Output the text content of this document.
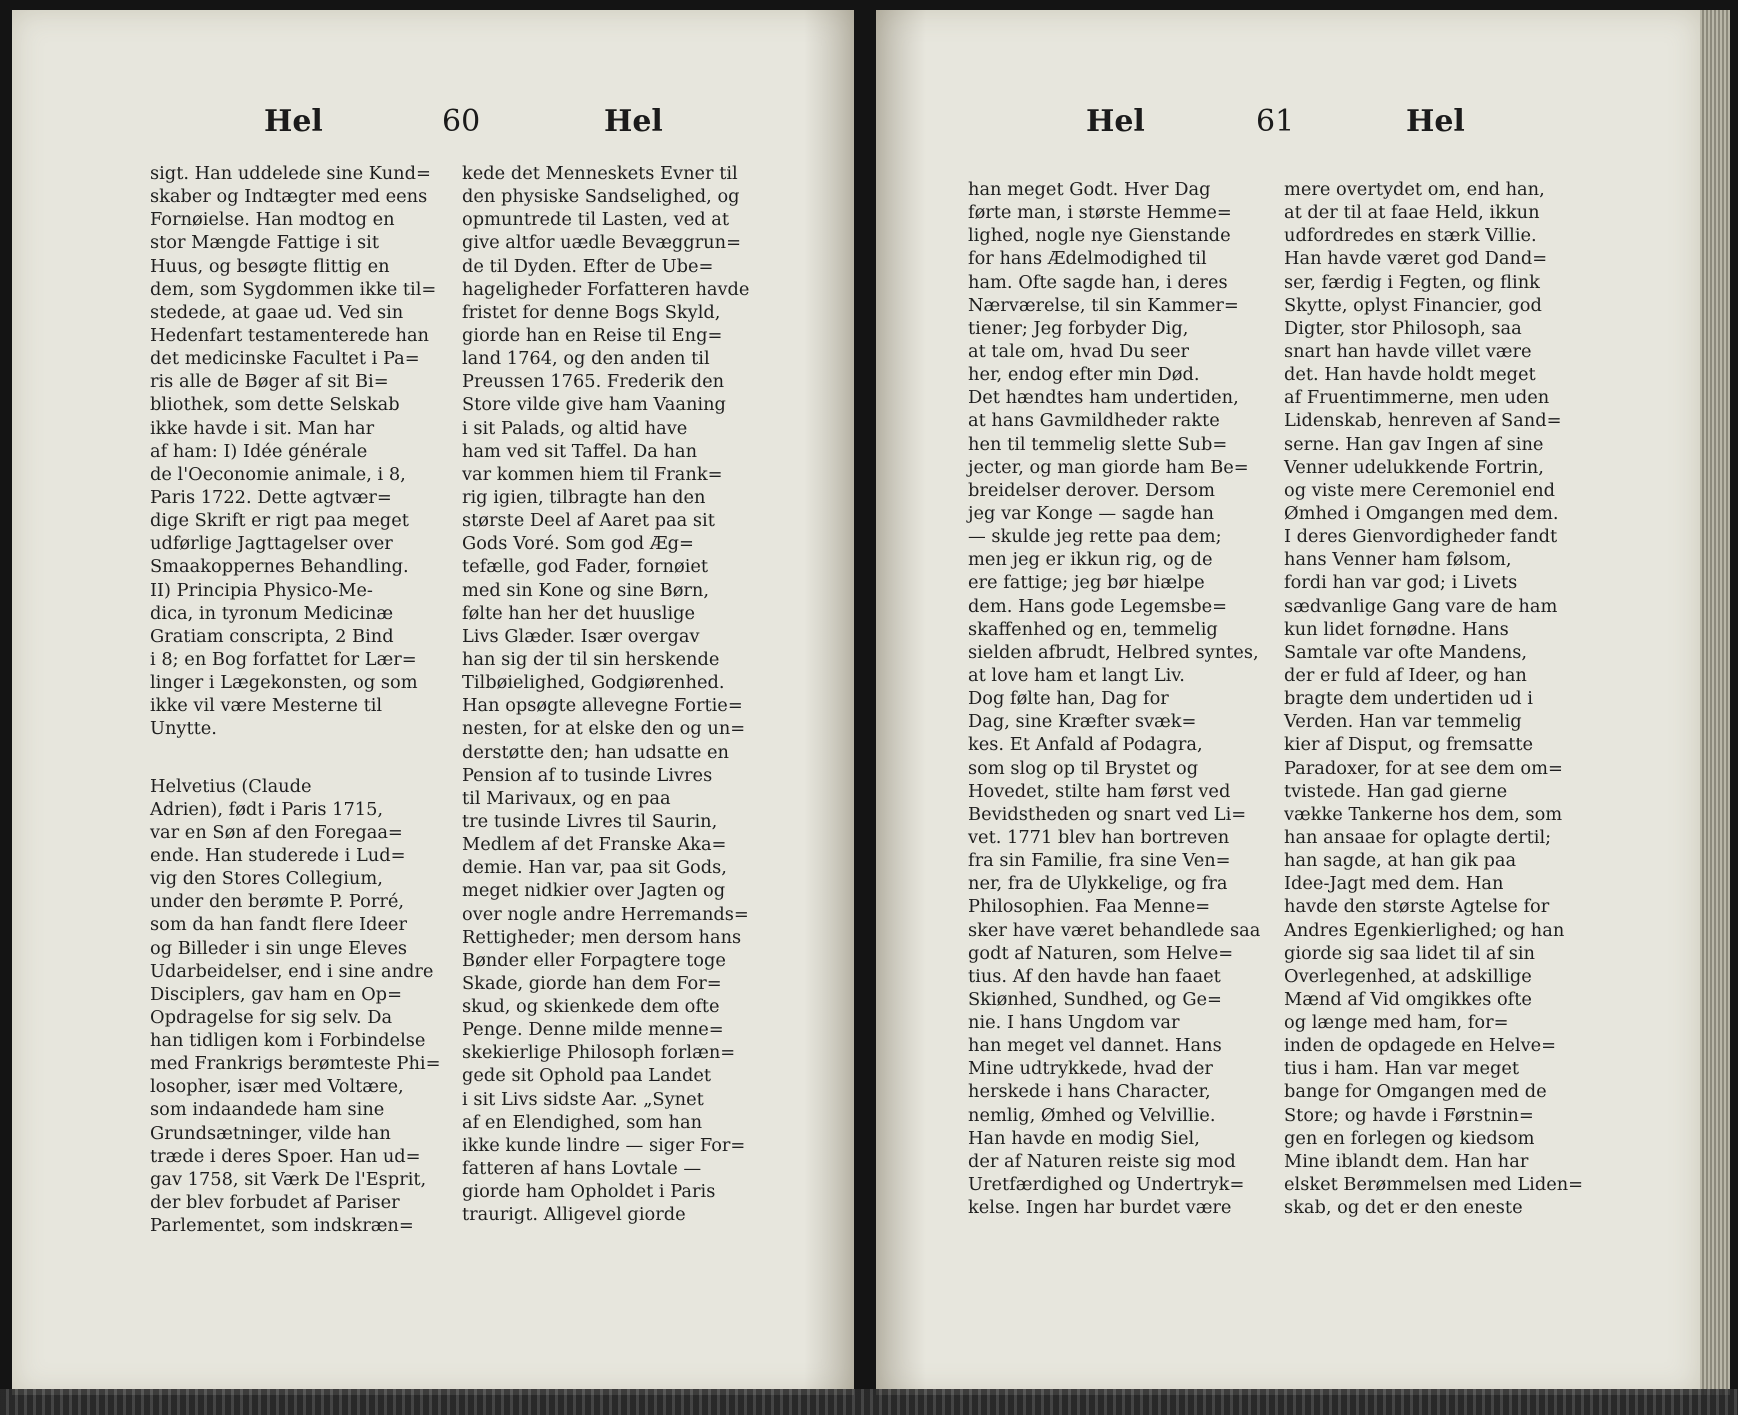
Hel	60	Hel
sigt. Han uddelede sine Kund=
skaber og Indtægter med eens
Fornøielse. Han modtog en
stor Mængde Fattige i sit
Huus, og besøgte flittig en
dem, som Sygdommen ikke til=
stedede, at gaae ud. Ved sin
Hedenfart testamenterede han
det medicinske Facultet i Pa=
ris alle de Bøger af sit Bi=
bliothek, som dette Selskab
ikke havde i sit. Man har
af ham: I) Idée générale
de l'Oeconomie animale, i 8,
Paris 1722. Dette agtvær=
dige Skrift er rigt paa meget
udførlige Jagttagelser over
Smaakoppernes Behandling.
II) Principia Physico-Me-
dica, in tyronum Medicinæ
Gratiam conscripta, 2 Bind
i 8; en Bog forfattet for Lær=
linger i Lægekonsten, og som
ikke vil være Mesterne til
Unytte.
Helvetius (Claude
Adrien), født i Paris 1715,
var en Søn af den Foregaa=
ende. Han studerede i Lud=
vig den Stores Collegium,
under den berømte P. Porré,
som da han fandt flere Ideer
og Billeder i sin unge Eleves
Udarbeidelser, end i sine andre
Disciplers, gav ham en Op=
Opdragelse for sig selv. Da
han tidligen kom i Forbindelse
med Frankrigs berømteste Phi=
losopher, især med Voltære,
som indaandede ham sine
Grundsætninger, vilde han
træde i deres Spoer. Han ud=
gav 1758, sit Værk De l'Esprit,
der blev forbudet af Pariser
Parlementet, som indskræn=
kede det Menneskets Evner til
den physiske Sandselighed, og
opmuntrede til Lasten, ved at
give altfor uædle Bevæggrun=
de til Dyden. Efter de Ube=
hageligheder Forfatteren havde
fristet for denne Bogs Skyld,
giorde han en Reise til Eng=
land 1764, og den anden til
Preussen 1765. Frederik den
Store vilde give ham Vaaning
i sit Palads, og altid have
ham ved sit Taffel. Da han
var kommen hiem til Frank=
rig igien, tilbragte han den
største Deel af Aaret paa sit
Gods Voré. Som god Æg=
tefælle, god Fader, fornøiet
med sin Kone og sine Børn,
følte han her det huuslige
Livs Glæder. Især overgav
han sig der til sin herskende
Tilbøielighed, Godgiørenhed.
Han opsøgte allevegne Fortie=
nesten, for at elske den og un=
derstøtte den; han udsatte en
Pension af to tusinde Livres
til Marivaux, og en paa
tre tusinde Livres til Saurin,
Medlem af det Franske Aka=
demie. Han var, paa sit Gods,
meget nidkier over Jagten og
over nogle andre Herremands=
Rettigheder; men dersom hans
Bønder eller Forpagtere toge
Skade, giorde han dem For=
skud, og skienkede dem ofte
Penge. Denne milde menne=
skekierlige Philosoph forlæn=
gede sit Ophold paa Landet
i sit Livs sidste Aar. „Synet
af en Elendighed, som han
ikke kunde lindre — siger For=
fatteren af hans Lovtale —
giorde ham Opholdet i Paris
traurigt. Alligevel giorde
Hel	61	Hel
han meget Godt. Hver Dag
førte man, i største Hemme=
lighed, nogle nye Gienstande
for hans Ædelmodighed til
ham. Ofte sagde han, i deres
Nærværelse, til sin Kammer=
tiener; Jeg forbyder Dig,
at tale om, hvad Du seer
her, endog efter min Død.
Det hændtes ham undertiden,
at hans Gavmildheder rakte
hen til temmelig slette Sub=
jecter, og man giorde ham Be=
breidelser derover. Dersom
jeg var Konge — sagde han
— skulde jeg rette paa dem;
men jeg er ikkun rig, og de
ere fattige; jeg bør hiælpe
dem. Hans gode Legemsbe=
skaffenhed og en, temmelig
sielden afbrudt, Helbred syntes,
at love ham et langt Liv.
Dog følte han, Dag for
Dag, sine Kræfter svæk=
kes. Et Anfald af Podagra,
som slog op til Brystet og
Hovedet, stilte ham først ved
Bevidstheden og snart ved Li=
vet. 1771 blev han bortreven
fra sin Familie, fra sine Ven=
ner, fra de Ulykkelige, og fra
Philosophien. Faa Menne=
sker have været behandlede saa
godt af Naturen, som Helve=
tius. Af den havde han faaet
Skiønhed, Sundhed, og Ge=
nie. I hans Ungdom var
han meget vel dannet. Hans
Mine udtrykkede, hvad der
herskede i hans Character,
nemlig, Ømhed og Velvillie.
Han havde en modig Siel,
der af Naturen reiste sig mod
Uretfærdighed og Undertryk=
kelse. Ingen har burdet være
mere overtydet om, end han,
at der til at faae Held, ikkun
udfordredes en stærk Villie.
Han havde været god Dand=
ser, færdig i Fegten, og flink
Skytte, oplyst Financier, god
Digter, stor Philosoph, saa
snart han havde villet være
det. Han havde holdt meget
af Fruentimmerne, men uden
Lidenskab, henreven af Sand=
serne. Han gav Ingen af sine
Venner udelukkende Fortrin,
og viste mere Ceremoniel end
Ømhed i Omgangen med dem.
I deres Gienvordigheder fandt
hans Venner ham følsom,
fordi han var god; i Livets
sædvanlige Gang vare de ham
kun lidet fornødne. Hans
Samtale var ofte Mandens,
der er fuld af Ideer, og han
bragte dem undertiden ud i
Verden. Han var temmelig
kier af Disput, og fremsatte
Paradoxer, for at see dem om=
tvistede. Han gad gierne
vække Tankerne hos dem, som
han ansaae for oplagte dertil;
han sagde, at han gik paa
Idee-Jagt med dem. Han
havde den største Agtelse for
Andres Egenkierlighed; og han
giorde sig saa lidet til af sin
Overlegenhed, at adskillige
Mænd af Vid omgikkes ofte
og længe med ham, for=
inden de opdagede en Helve=
tius i ham. Han var meget
bange for Omgangen med de
Store; og havde i Førstnin=
gen en forlegen og kiedsom
Mine iblandt dem. Han har
elsket Berømmelsen med Liden=
skab, og det er den eneste
